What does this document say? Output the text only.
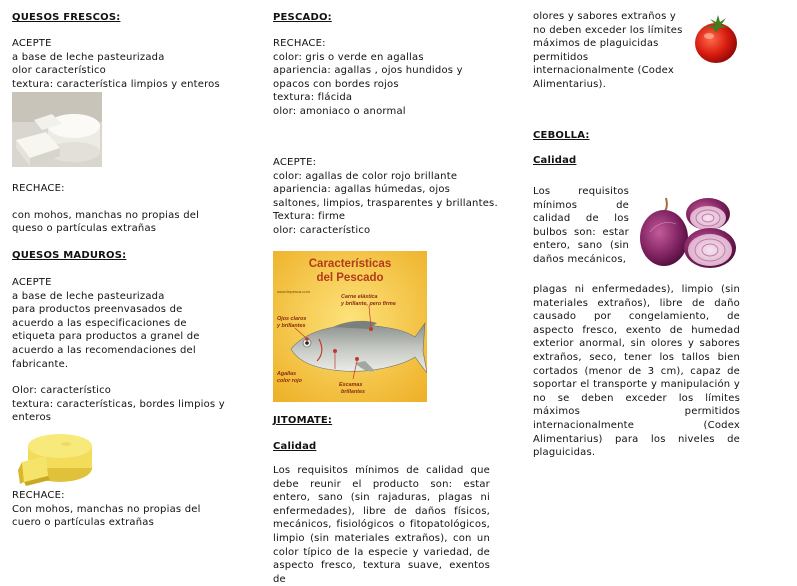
QUESOS FRESCOS:
ACEPTE
a base de leche pasteurizada
olor característico
textura: característica limpios y enteros
RECHACE:
con mohos, manchas no propias del
queso o partículas extrañas
QUESOS MADUROS:
ACEPTE
a base de leche pasteurizada
para productos preenvasados de
acuerdo a las especificaciones de
etiqueta para productos a granel de
acuerdo a las recomendaciones del
fabricante.
Olor: característico
textura: características, bordes limpios y
enteros
RECHACE:
Con mohos, manchas no propias del
cuero o partículas extrañas
PESCADO:
RECHACE:
color: gris o verde en agallas
apariencia: agallas , ojos hundidos y
opacos con bordes rojos
textura: flácida
olor: amoniaco o anormal
ACEPTE:
color: agallas de color rojo brillante
apariencia: agallas húmedas, ojos
saltones, limpios, trasparentes y brillantes.
Textura: firme
olor: característico
Características
del Pescado
www.ilepesca.com
Carne elástica
y brillante, pero firme
Ojos claros
y brillantes
Agallas
color rojo
Escamas
brillantes
JITOMATE:
Calidad
Los requisitos mínimos de calidad que debe reunir el producto son: estar entero, sano (sin rajaduras, plagas ni enfermedades), libre de daños físicos, mecánicos, fisiológicos o fitopatológicos, limpio (sin materiales extraños), con un color típico de la especie y variedad, de aspecto fresco, textura suave, exentos de
olores y sabores extraños y
no deben exceder los límites
máximos de plaguicidas
permitidos
internacionalmente (Codex
Alimentarius).
CEBOLLA:
Calidad
Los requisitos mínimos de calidad de los bulbos son: estar entero, sano (sin daños mecánicos,
plagas ni enfermedades), limpio (sin materiales extraños), libre de daño causado por congelamiento, de aspecto fresco, exento de humedad exterior anormal, sin olores y sabores extraños, seco, tener los tallos bien cortados (menor de 3 cm), capaz de soportar el transporte y manipulación y no se deben exceder los límites máximos permitidos internacionalmente (Codex Alimentarius) para los niveles de plaguicidas.
